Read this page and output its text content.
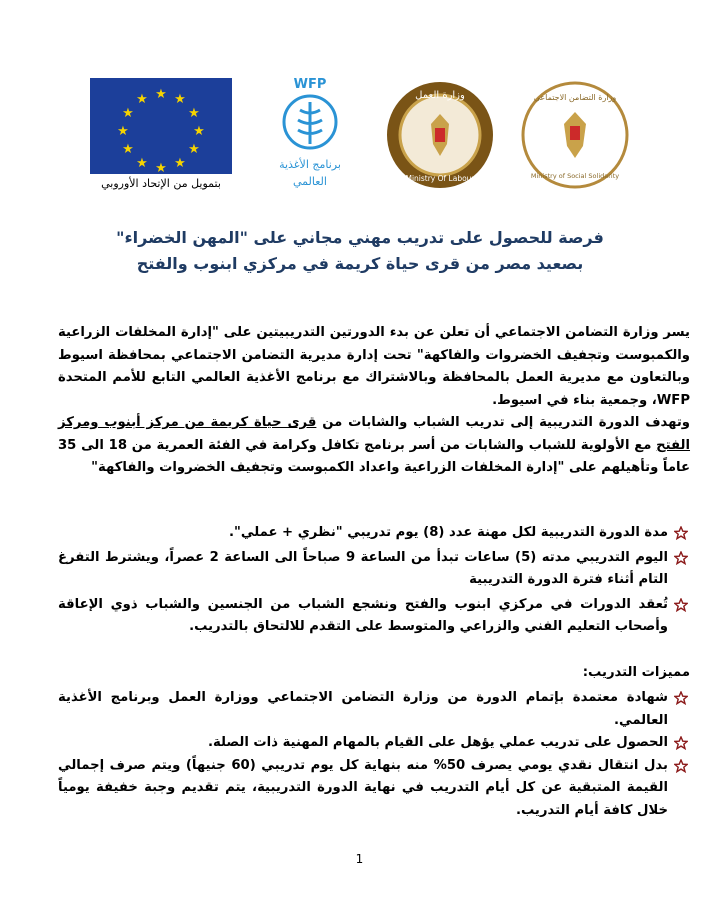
★ ★
★
★
★
★
★
★
★
★
★
★
بتمويل من الإتحاد الأوروبي
WFP
برنامج الأغذية
العالمي
وزارة العمل
Ministry Of Labour
وزارة التضامن الاجتماعي
Ministry of Social Solidarity
فرصة للحصول على تدريب مهني مجاني على "المهن الخضراء"
بصعيد مصر من قرى حياة كريمة في مركزي ابنوب والفتح
يسر وزارة التضامن الاجتماعي أن تعلن عن بدء الدورتين التدريبيتين على "إدارة المخلفات الزراعية والكمبوست وتجفيف الخضروات والفاكهة" تحت إدارة مديرية التضامن الاجتماعي بمحافظة اسيوط وبالتعاون مع مديرية العمل بالمحافظة وبالاشتراك مع برنامج الأغذية العالمي التابع للأمم المتحدة WFP، وجمعية بناء في اسيوط.
وتهدف الدورة التدريبية إلى تدريب الشباب والشابات من قرى حياة كريمة من مركز أبنوب ومركز الفتح مع الأولوية للشباب والشابات من أسر برنامج تكافل وكرامة في الفئة العمرية من 18 الى 35 عاماً وتأهيلهم على "إدارة المخلفات الزراعية واعداد الكمبوست وتجفيف الخضروات والفاكهة"
مدة الدورة التدريبية لكل مهنة عدد (8) يوم تدريبي "نظري + عملي".
اليوم التدريبي مدته (5) ساعات تبدأ من الساعة 9 صباحاً الى الساعة 2 عصراً، ويشترط التفرغ التام أثناء فترة الدورة التدريبية
تُعقد الدورات في مركزي ابنوب والفتح ونشجع الشباب من الجنسين والشباب ذوي الإعاقة وأصحاب التعليم الفني والزراعي والمتوسط على التقدم للالتحاق بالتدريب.
مميزات التدريب:
شهادة معتمدة بإتمام الدورة من وزارة التضامن الاجتماعي ووزارة العمل وبرنامج الأغذية العالمي.
الحصول على تدريب عملي يؤهل على القيام بالمهام المهنية ذات الصلة.
بدل انتقال نقدي يومي يصرف 50% منه بنهاية كل يوم تدريبي (60 جنيهاً) ويتم صرف إجمالي القيمة المتبقية عن كل أيام التدريب في نهاية الدورة التدريبية، يتم تقديم وجبة خفيفة يومياً خلال كافة أيام التدريب.
1
